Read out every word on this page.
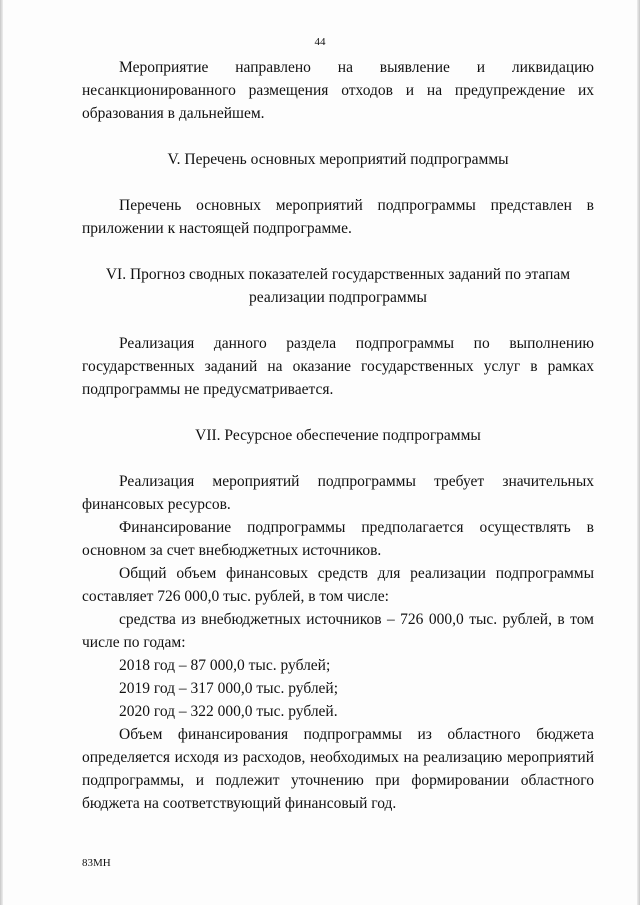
44

Мероприятие направлено на выявление и ликвидацию несанкционированного размещения отходов и на предупреждение их образования в дальнейшем.

V. Перечень основных мероприятий подпрограммы

Перечень основных мероприятий подпрограммы представлен в приложении к настоящей подпрограмме.

VI. Прогноз сводных показателей государственных заданий по этапам

реализации подпрограммы

Реализация данного раздела подпрограммы по выполнению государственных заданий на оказание государственных услуг в рамках подпрограммы не предусматривается.

VII. Ресурсное обеспечение подпрограммы

Реализация мероприятий подпрограммы требует значительных финансовых ресурсов.

Финансирование подпрограммы предполагается осуществлять в основном за счет внебюджетных источников.

Общий объем финансовых средств для реализации подпрограммы составляет 726 000,0 тыс. рублей, в том числе:

средства из внебюджетных источников – 726 000,0 тыс. рублей, в том числе по годам:

2018 год – 87 000,0 тыс. рублей;

2019 год – 317 000,0 тыс. рублей;

2020 год – 322 000,0 тыс. рублей.

Объем финансирования подпрограммы из областного бюджета определяется исходя из расходов, необходимых на реализацию мероприятий подпрограммы, и подлежит уточнению при формировании областного бюджета на соответствующий финансовый год.

83МН
